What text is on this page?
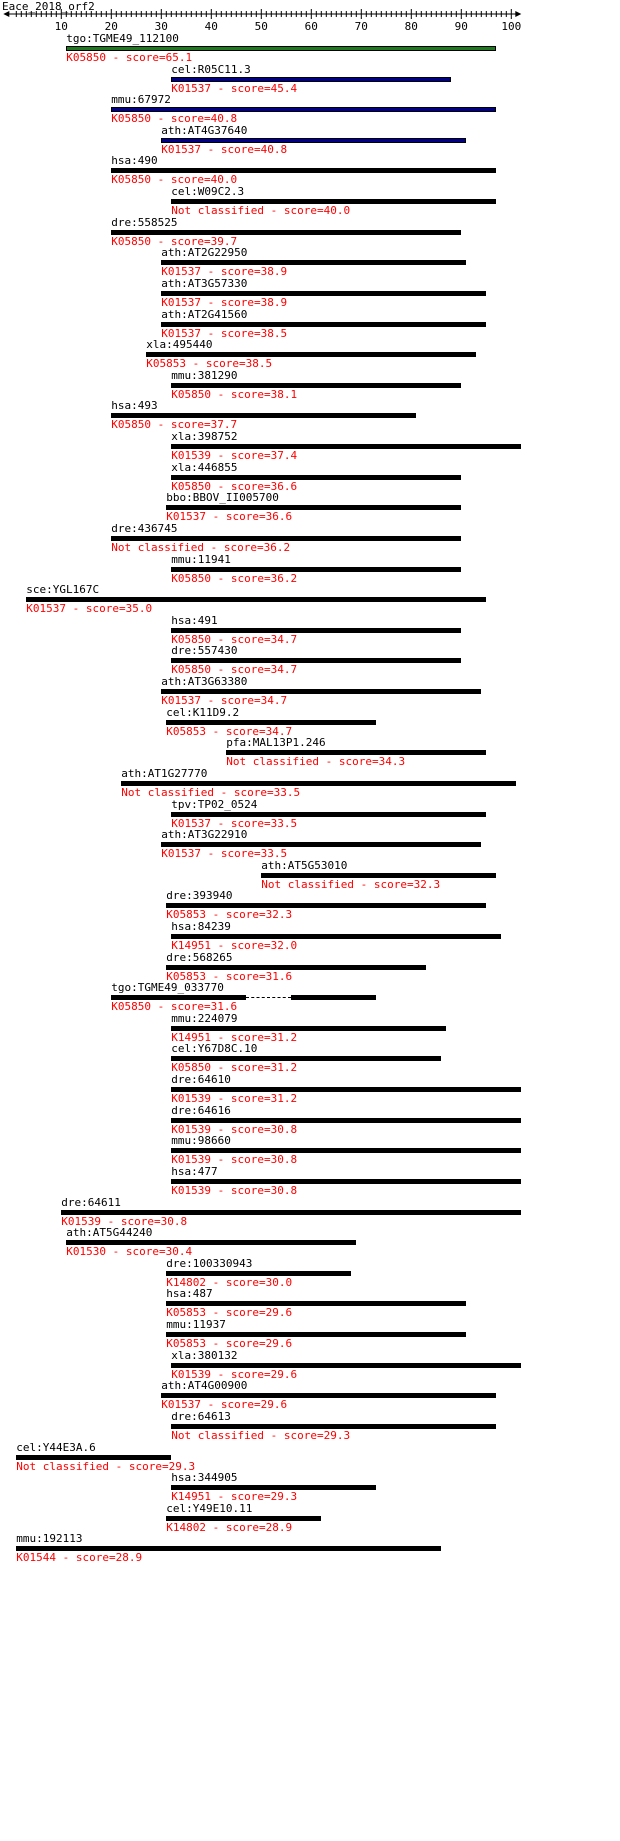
Eace_2018_orf2
10	20	30	40	50	60	70	80	90	100
tgo:TGME49_112100
K05850 - score=65.1
cel:R05C11.3
K01537 - score=45.4
mmu:67972
K05850 - score=40.8
ath:AT4G37640
K01537 - score=40.8
hsa:490
K05850 - score=40.0
cel:W09C2.3
Not classified - score=40.0
dre:558525
K05850 - score=39.7
ath:AT2G22950
K01537 - score=38.9
ath:AT3G57330
K01537 - score=38.9
ath:AT2G41560
K01537 - score=38.5
xla:495440
K05853 - score=38.5
mmu:381290
K05850 - score=38.1
hsa:493
K05850 - score=37.7
xla:398752
K01539 - score=37.4
xla:446855
K05850 - score=36.6
bbo:BBOV_II005700
K01537 - score=36.6
dre:436745
Not classified - score=36.2
mmu:11941
K05850 - score=36.2
sce:YGL167C
K01537 - score=35.0
hsa:491
K05850 - score=34.7
dre:557430
K05850 - score=34.7
ath:AT3G63380
K01537 - score=34.7
cel:K11D9.2
K05853 - score=34.7
pfa:MAL13P1.246
Not classified - score=34.3
ath:AT1G27770
Not classified - score=33.5
tpv:TP02_0524
K01537 - score=33.5
ath:AT3G22910
K01537 - score=33.5
ath:AT5G53010
Not classified - score=32.3
dre:393940
K05853 - score=32.3
hsa:84239
K14951 - score=32.0
dre:568265
K05853 - score=31.6
tgo:TGME49_033770
K05850 - score=31.6
mmu:224079
K14951 - score=31.2
cel:Y67D8C.10
K05850 - score=31.2
dre:64610
K01539 - score=31.2
dre:64616
K01539 - score=30.8
mmu:98660
K01539 - score=30.8
hsa:477
K01539 - score=30.8
dre:64611
K01539 - score=30.8
ath:AT5G44240
K01530 - score=30.4
dre:100330943
K14802 - score=30.0
hsa:487
K05853 - score=29.6
mmu:11937
K05853 - score=29.6
xla:380132
K01539 - score=29.6
ath:AT4G00900
K01537 - score=29.6
dre:64613
Not classified - score=29.3
cel:Y44E3A.6
Not classified - score=29.3
hsa:344905
K14951 - score=29.3
cel:Y49E10.11
K14802 - score=28.9
mmu:192113
K01544 - score=28.9
